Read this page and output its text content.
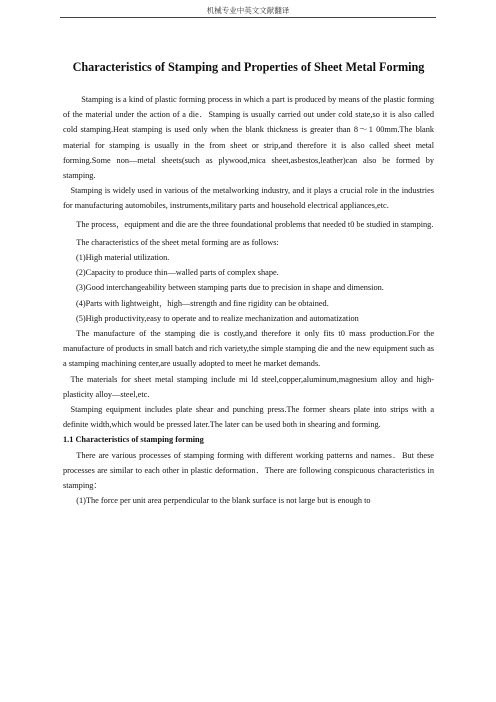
机械专业中英文文献翻译
Characteristics of Stamping and Properties of Sheet Metal Forming

Stamping is a kind of plastic forming process in which a part is produced by means of the plastic forming of the material under the action of a die．Stamping is usually carried out under cold state,so it is also called cold stamping.Heat stamping is used only when the blank thickness is greater than 8～1 00mm.The blank material for stamping is usually in the from sheet or strip,and therefore it is also called sheet metal forming.Some non—metal sheets(such as plywood,mica sheet,asbestos,leather)can also be formed by stamping.

Stamping is widely used in various of the metalworking industry, and it plays a crucial role in the industries for manufacturing automobiles, instruments,military parts and household electrical appliances,etc.

The process，equipment and die are the three foundational problems that needed t0 be studied in stamping.

The characteristics of the sheet metal forming are as follows:

(1)High material utilization.

(2)Capacity to produce thin—walled parts of complex shape.

(3)Good interchangeability between stamping parts due to precision in shape and dimension.

(4)Parts with lightweight，high—strength and fine rigidity can be obtained.

(5)High productivity,easy to operate and to realize mechanization and automatization

The manufacture of the stamping die is costly,and therefore it only fits t0 mass production.For the manufacture of products in small batch and rich variety,the simple stamping die and the new equipment such as a stamping machining center,are usually adopted to meet he market demands.

The materials for sheet metal stamping include mi ld steel,copper,aluminum,magnesium alloy and high-plasticity alloy—steel,etc.

Stamping equipment includes plate shear and punching press.The former shears plate into strips with a definite width,which would be pressed later.The later can be used both in shearing and forming.

1.1 Characteristics of stamping forming

There are various processes of stamping forming with different working patterns and names．But these processes are similar to each other in plastic deformation．There are following conspicuous characteristics in stamping：

(1)The force per unit area perpendicular to the blank surface is not large but is enough to
